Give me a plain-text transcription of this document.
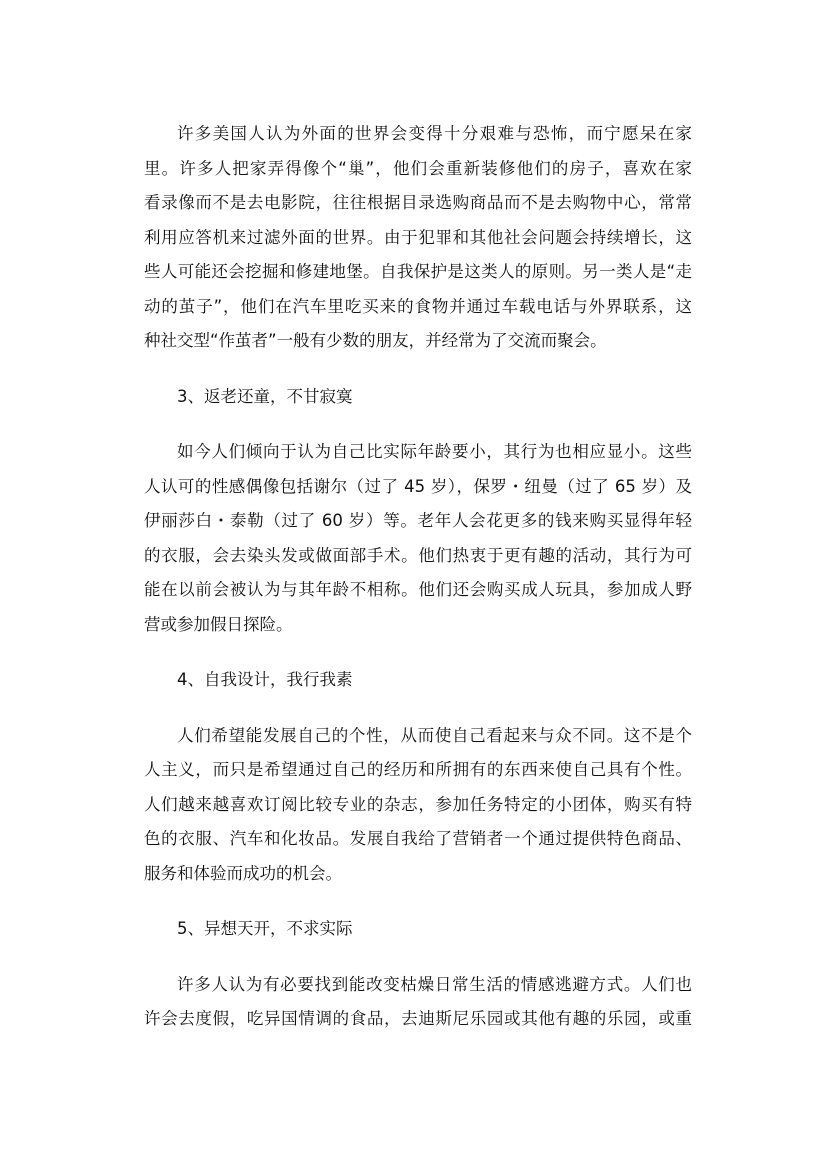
许多美国人认为外面的世界会变得十分艰难与恐怖，而宁愿呆在家
里。许多人把家弄得像个“巢”，他们会重新装修他们的房子，喜欢在家
看录像而不是去电影院，往往根据目录选购商品而不是去购物中心，常常
利用应答机来过滤外面的世界。由于犯罪和其他社会问题会持续增长，这
些人可能还会挖掘和修建地堡。自我保护是这类人的原则。另一类人是“走
动的茧子”，他们在汽车里吃买来的食物并通过车载电话与外界联系，这
种社交型“作茧者”一般有少数的朋友，并经常为了交流而聚会。
3、返老还童，不甘寂寞
如今人们倾向于认为自己比实际年龄要小，其行为也相应显小。这些
人认可的性感偶像包括谢尔（过了 45 岁），保罗・纽曼（过了 65 岁）及
伊丽莎白・泰勒（过了 60 岁）等。老年人会花更多的钱来购买显得年轻
的衣服，会去染头发或做面部手术。他们热衷于更有趣的活动，其行为可
能在以前会被认为与其年龄不相称。他们还会购买成人玩具，参加成人野
营或参加假日探险。
4、自我设计，我行我素
人们希望能发展自己的个性，从而使自己看起来与众不同。这不是个
人主义，而只是希望通过自己的经历和所拥有的东西来使自己具有个性。
人们越来越喜欢订阅比较专业的杂志，参加任务特定的小团体，购买有特
色的衣服、汽车和化妆品。发展自我给了营销者一个通过提供特色商品、
服务和体验而成功的机会。
5、异想天开，不求实际
许多人认为有必要找到能改变枯燥日常生活的情感逃避方式。人们也
许会去度假，吃异国情调的食品，去迪斯尼乐园或其他有趣的乐园，或重
